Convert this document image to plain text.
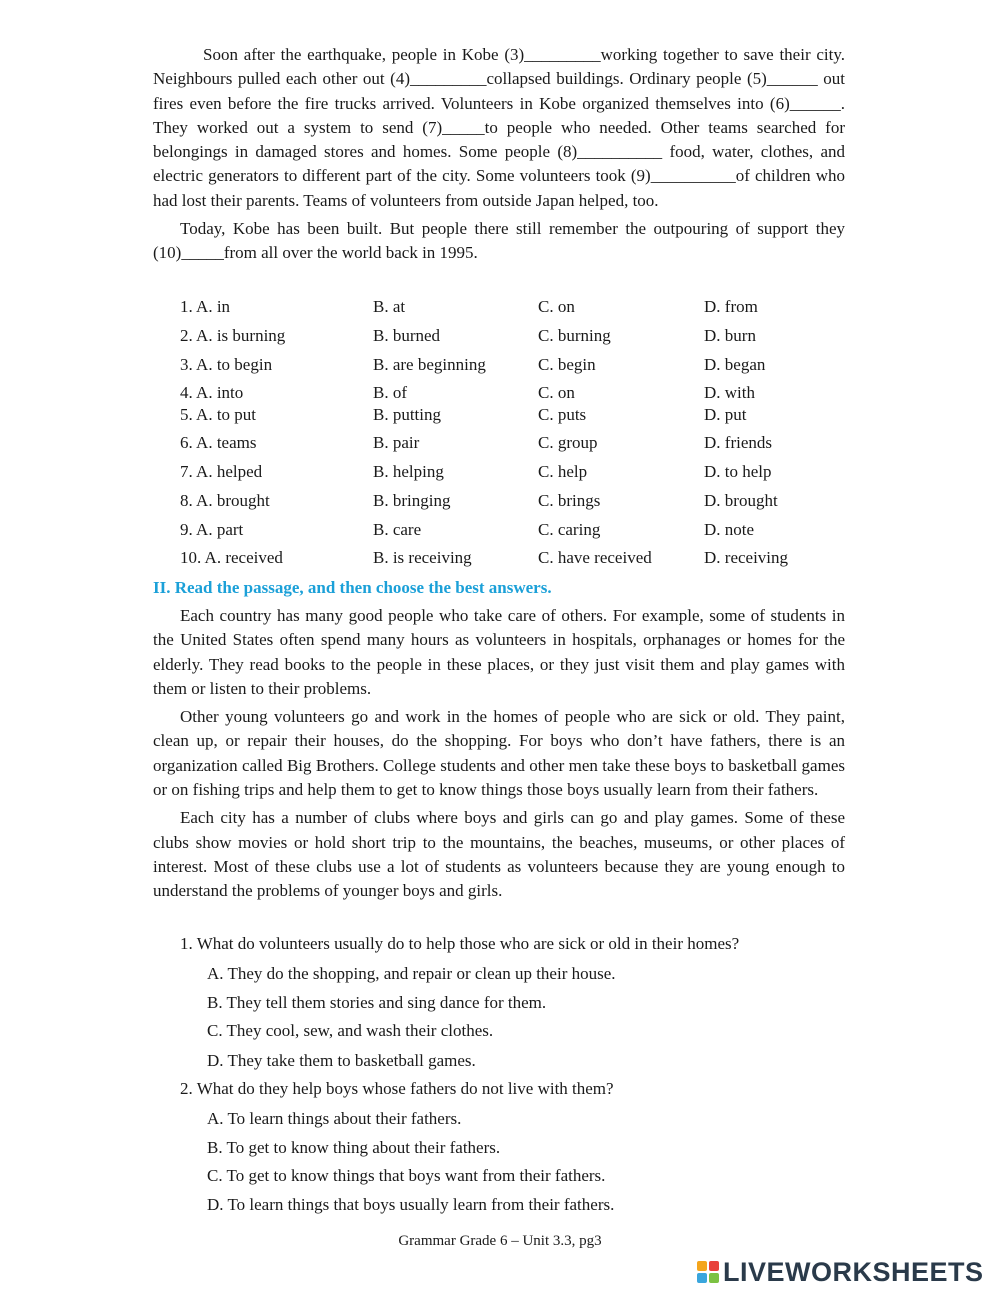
Soon after the earthquake, people in Kobe (3)_________working together to save their city. Neighbours pulled each other out (4)_________collapsed buildings. Ordinary people (5)______ out fires even before the fire trucks arrived. Volunteers in Kobe organized themselves into (6)______. They worked out a system to send (7)_____to people who needed. Other teams searched for belongings in damaged stores and homes. Some people (8)__________ food, water, clothes, and electric generators to different part of the city. Some volunteers took (9)__________of children who had lost their parents. Teams of volunteers from outside Japan helped, too.

Today, Kobe has been built. But people there still remember the outpouring of support they (10)_____from all over the world back in 1995.

1. A. in	B. at	C. on	D. from
2. A. is burning	B. burned	C. burning	D. burn
3. A. to begin	B. are beginning	C. begin	D. began
4. A. into	B. of	C. on	D. with
5. A. to put	B. putting	C. puts	D. put
6. A. teams	B. pair	C. group	D. friends
7. A. helped	B. helping	C. help	D. to help
8. A. brought	B. bringing	C. brings	D. brought
9. A. part	B. care	C. caring	D. note
10. A. received	B. is receiving	C. have received	D. receiving
II. Read the passage, and then choose the best answers.

Each country has many good people who take care of others. For example, some of students in the United States often spend many hours as volunteers in hospitals, orphanages or homes for the elderly. They read books to the people in these places, or they just visit them and play games with them or listen to their problems.

Other young volunteers go and work in the homes of people who are sick or old. They paint, clean up, or repair their houses, do the shopping. For boys who don’t have fathers, there is an organization called Big Brothers. College students and other men take these boys to basketball games or on fishing trips and help them to get to know things those boys usually learn from their fathers.

Each city has a number of clubs where boys and girls can go and play games. Some of these clubs show movies or hold short trip to the mountains, the beaches, museums, or other places of interest. Most of these clubs use a lot of students as volunteers because they are young enough to understand the problems of younger boys and girls.

1. What do volunteers usually do to help those who are sick or old in their homes?
A. They do the shopping, and repair or clean up their house.
B. They tell them stories and sing dance for them.
C. They cool, sew, and wash their clothes.
D. They take them to basketball games.
2. What do they help boys whose fathers do not live with them?
A. To learn things about their fathers.
B. To get to know thing about their fathers.
C. To get to know things that boys want from their fathers.
D. To learn things that boys usually learn from their fathers.
Grammar Grade 6 – Unit 3.3, pg3
LIVEWORKSHEETS
